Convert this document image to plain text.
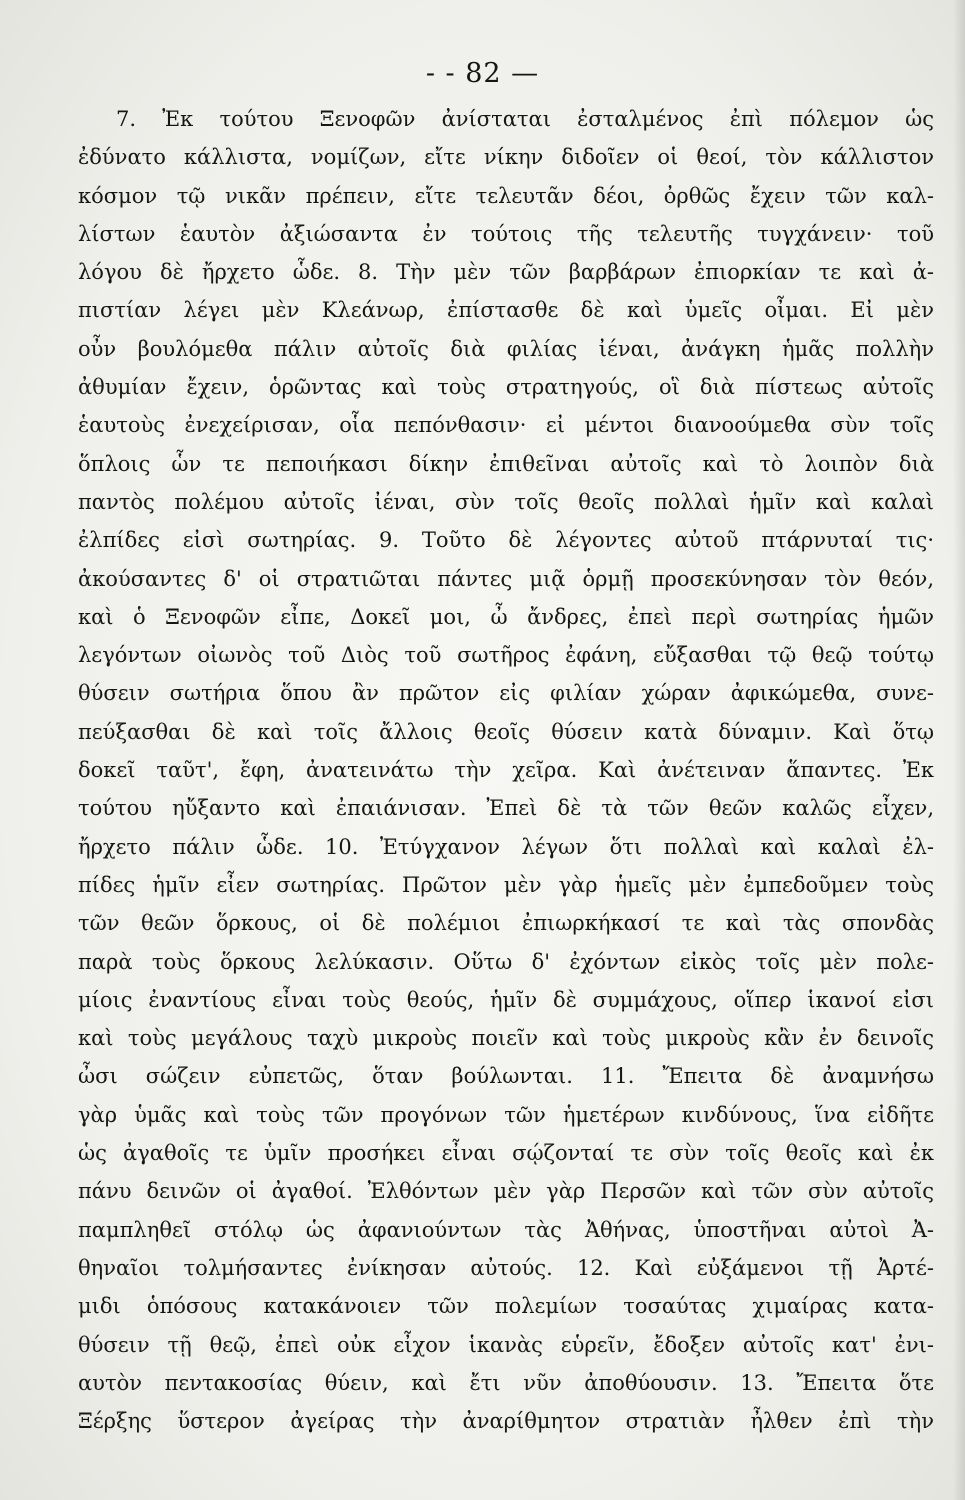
- - 82 —
7. Ἐκ τούτου Ξενοφῶν ἀνίσταται ἐσταλμένος ἐπὶ πόλεμον ὡς
ἐδύνατο κάλλιστα, νομίζων, εἴτε νίκην διδοῖεν οἱ θεοί, τὸν κάλλιστον
κόσμον τῷ νικᾶν πρέπειν, εἴτε τελευτᾶν δέοι, ὀρθῶς ἔχειν τῶν καλ-
λίστων ἑαυτὸν ἀξιώσαντα ἐν τούτοις τῆς τελευτῆς τυγχάνειν· τοῦ
λόγου δὲ ἤρχετο ὧδε. 8. Τὴν μὲν τῶν βαρβάρων ἐπιορκίαν τε καὶ ἀ-
πιστίαν λέγει μὲν Κλεάνωρ, ἐπίστασθε δὲ καὶ ὑμεῖς οἶμαι. Εἰ μὲν
οὖν βουλόμεθα πάλιν αὐτοῖς διὰ φιλίας ἰέναι, ἀνάγκη ἡμᾶς πολλὴν
ἀθυμίαν ἔχειν, ὁρῶντας καὶ τοὺς στρατηγούς, οἳ διὰ πίστεως αὐτοῖς
ἑαυτοὺς ἐνεχείρισαν, οἷα πεπόνθασιν· εἰ μέντοι διανοούμεθα σὺν τοῖς
ὅπλοις ὧν τε πεποιήκασι δίκην ἐπιθεῖναι αὐτοῖς καὶ τὸ λοιπὸν διὰ
παντὸς πολέμου αὐτοῖς ἰέναι, σὺν τοῖς θεοῖς πολλαὶ ἡμῖν καὶ καλαὶ
ἐλπίδες εἰσὶ σωτηρίας. 9. Τοῦτο δὲ λέγοντες αὐτοῦ πτάρνυταί τις·
ἀκούσαντες δ' οἱ στρατιῶται πάντες μιᾷ ὁρμῇ προσεκύνησαν τὸν θεόν,
καὶ ὁ Ξενοφῶν εἶπε, Δοκεῖ μοι, ὦ ἄνδρες, ἐπεὶ περὶ σωτηρίας ἡμῶν
λεγόντων οἰωνὸς τοῦ Διὸς τοῦ σωτῆρος ἐφάνη, εὔξασθαι τῷ θεῷ τούτῳ
θύσειν σωτήρια ὅπου ἂν πρῶτον εἰς φιλίαν χώραν ἀφικώμεθα, συνε-
πεύξασθαι δὲ καὶ τοῖς ἄλλοις θεοῖς θύσειν κατὰ δύναμιν. Καὶ ὅτῳ
δοκεῖ ταῦτ', ἔφη, ἀνατεινάτω τὴν χεῖρα. Καὶ ἀνέτειναν ἅπαντες. Ἐκ
τούτου ηὔξαντο καὶ ἐπαιάνισαν. Ἐπεὶ δὲ τὰ τῶν θεῶν καλῶς εἶχεν,
ἤρχετο πάλιν ὧδε. 10. Ἐτύγχανον λέγων ὅτι πολλαὶ καὶ καλαὶ ἐλ-
πίδες ἡμῖν εἶεν σωτηρίας. Πρῶτον μὲν γὰρ ἡμεῖς μὲν ἐμπεδοῦμεν τοὺς
τῶν θεῶν ὅρκους, οἱ δὲ πολέμιοι ἐπιωρκήκασί τε καὶ τὰς σπονδὰς
παρὰ τοὺς ὅρκους λελύκασιν. Οὕτω δ' ἐχόντων εἰκὸς τοῖς μὲν πολε-
μίοις ἐναντίους εἶναι τοὺς θεούς, ἡμῖν δὲ συμμάχους, οἵπερ ἱκανοί εἰσι
καὶ τοὺς μεγάλους ταχὺ μικροὺς ποιεῖν καὶ τοὺς μικροὺς κἂν ἐν δεινοῖς
ὦσι σώζειν εὐπετῶς, ὅταν βούλωνται. 11. Ἔπειτα δὲ ἀναμνήσω
γὰρ ὑμᾶς καὶ τοὺς τῶν προγόνων τῶν ἡμετέρων κινδύνους, ἵνα εἰδῆτε
ὡς ἀγαθοῖς τε ὑμῖν προσήκει εἶναι σῴζονταί τε σὺν τοῖς θεοῖς καὶ ἐκ
πάνυ δεινῶν οἱ ἀγαθοί. Ἐλθόντων μὲν γὰρ Περσῶν καὶ τῶν σὺν αὐτοῖς
παμπληθεῖ στόλῳ ὡς ἀφανιούντων τὰς Ἀθήνας, ὑποστῆναι αὐτοὶ Ἀ-
θηναῖοι τολμήσαντες ἐνίκησαν αὐτούς. 12. Καὶ εὐξάμενοι τῇ Ἀρτέ-
μιδι ὁπόσους κατακάνοιεν τῶν πολεμίων τοσαύτας χιμαίρας κατα-
θύσειν τῇ θεῷ, ἐπεὶ οὐκ εἶχον ἱκανὰς εὑρεῖν, ἔδοξεν αὐτοῖς κατ' ἐνι-
αυτὸν πεντακοσίας θύειν, καὶ ἔτι νῦν ἀποθύουσιν. 13. Ἔπειτα ὅτε
Ξέρξης ὕστερον ἀγείρας τὴν ἀναρίθμητον στρατιὰν ἦλθεν ἐπὶ τὴν
